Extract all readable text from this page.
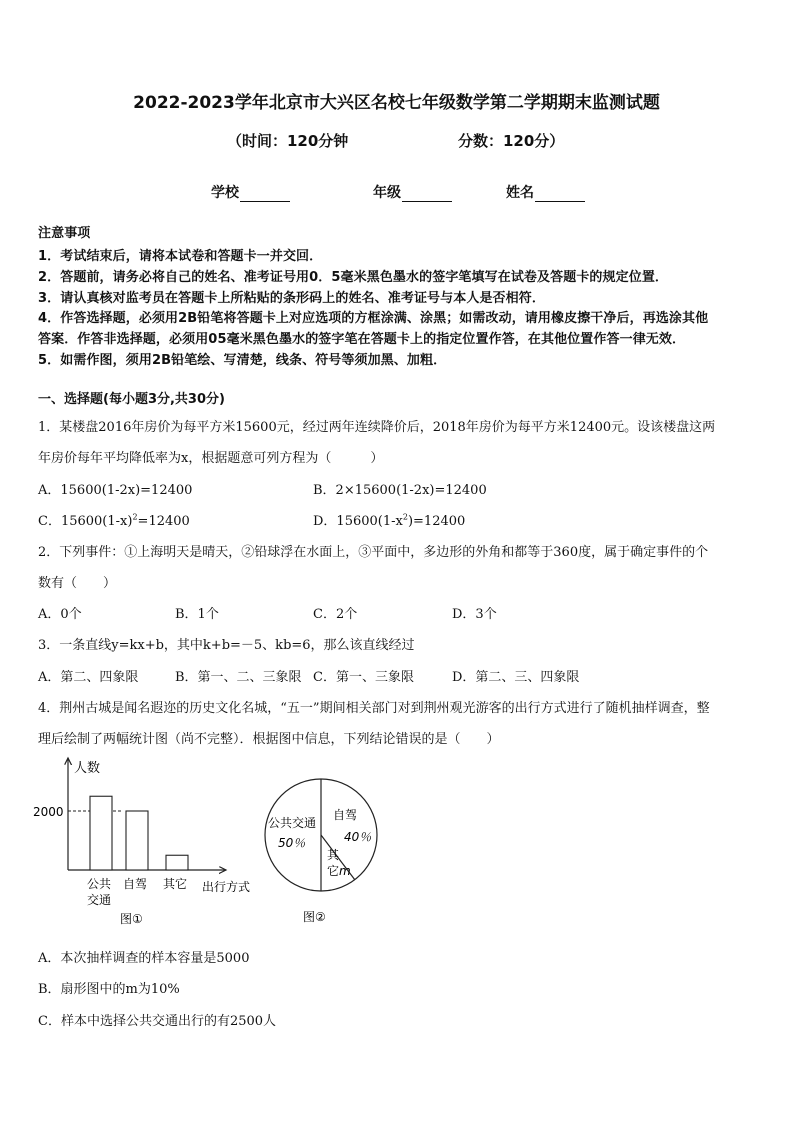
2022-2023学年北京市大兴区名校七年级数学第二学期期末监测试题
（时间：120分钟	分数：120分）
学校	年级	姓名
注意事项
1．考试结束后，请将本试卷和答题卡一并交回．
2．答题前，请务必将自己的姓名、准考证号用0．5毫米黑色墨水的签字笔填写在试卷及答题卡的规定位置．
3．请认真核对监考员在答题卡上所粘贴的条形码上的姓名、准考证号与本人是否相符．
4．作答选择题，必须用2B铅笔将答题卡上对应选项的方框涂满、涂黑；如需改动，请用橡皮擦干净后，再选涂其他
答案．作答非选择题，必须用05毫米黑色墨水的签字笔在答题卡上的指定位置作答，在其他位置作答一律无效．
5．如需作图，须用2B铅笔绘、写清楚，线条、符号等须加黑、加粗．
一、选择题(每小题3分,共30分)
1．某楼盘2016年房价为每平方米15600元，经过两年连续降价后，2018年房价为每平方米12400元。设该楼盘这两
年房价每年平均降低率为x，根据题意可列方程为（　　　）
A．15600(1-2x)=12400	B．2×15600(1-2x)=12400
C．$15600(1-x)^2=12400$	D．$15600(1-x^2)=12400$
2．下列事件：①上海明天是晴天，②铅球浮在水面上，③平面中，多边形的外角和都等于360度，属于确定事件的个
数有（　　）
A．0个	B．1个	C．2个	D．3个
3．一条直线y=kx+b，其中k+b=－5、kb=6，那么该直线经过
A．第二、四象限	B．第一、二、三象限 C．第一、三象限	D．第二、三、四象限
4．荆州古城是闻名遐迩的历史文化名城，“五一”期间相关部门对到荆州观光游客的出行方式进行了随机抽样调查，整
理后绘制了两幅统计图（尚不完整）．根据图中信息，下列结论错误的是（　　）
人数
2000
公共
交通
自驾 其它 出行方式
图①
公共交通
50％
自驾
40％
其
它m
图②
A．本次抽样调查的样本容量是5000
B．扇形图中的m为10%
C．样本中选择公共交通出行的有2500人
